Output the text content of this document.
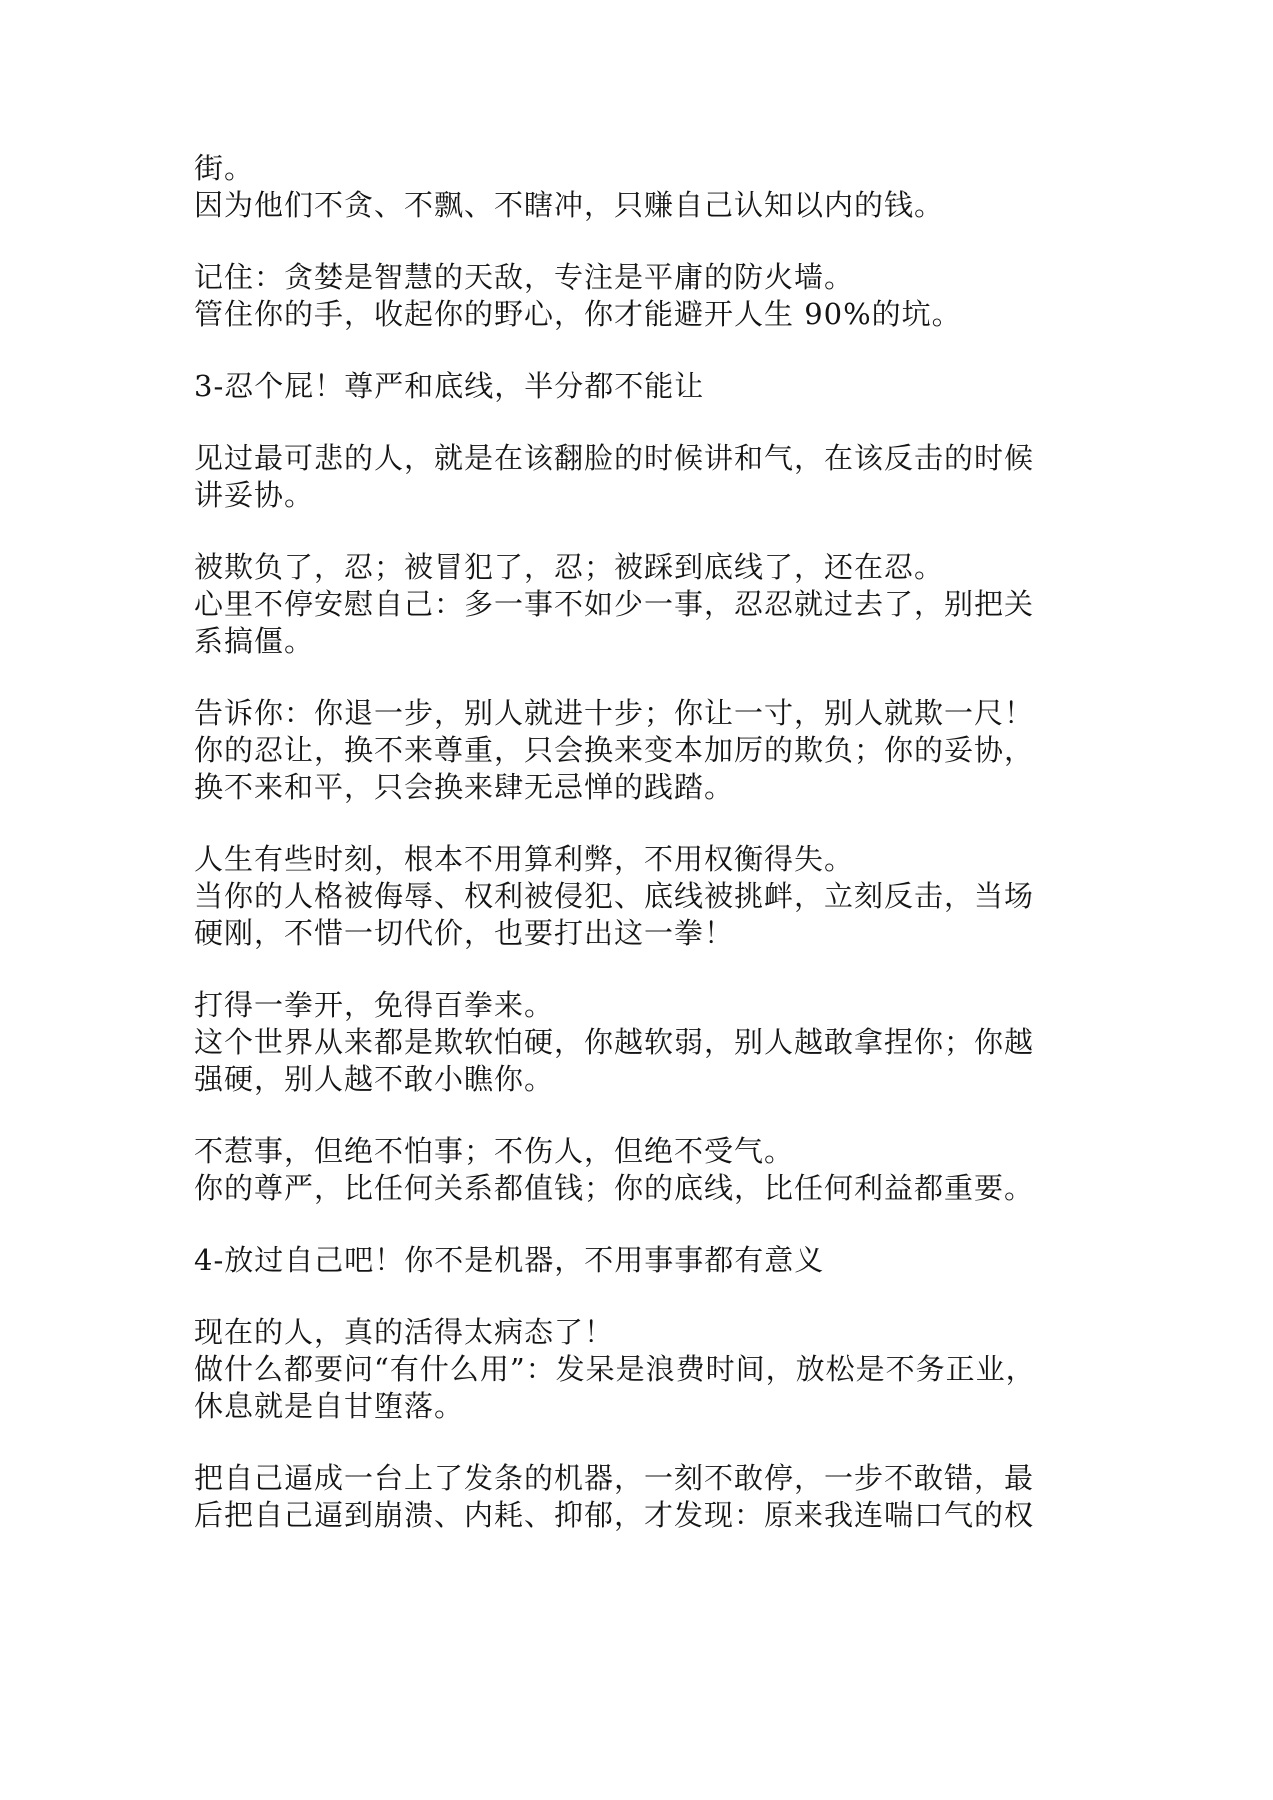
街。
因为他们不贪、不飘、不瞎冲，只赚自己认知以内的钱。
记住：贪婪是智慧的天敌，专注是平庸的防火墙。
管住你的手，收起你的野心，你才能避开人生 90%的坑。
3-忍个屁！尊严和底线，半分都不能让
见过最可悲的人，就是在该翻脸的时候讲和气，在该反击的时候
讲妥协。
被欺负了，忍；被冒犯了，忍；被踩到底线了，还在忍。
心里不停安慰自己：多一事不如少一事，忍忍就过去了，别把关
系搞僵。
告诉你：你退一步，别人就进十步；你让一寸，别人就欺一尺！
你的忍让，换不来尊重，只会换来变本加厉的欺负；你的妥协，
换不来和平，只会换来肆无忌惮的践踏。
人生有些时刻，根本不用算利弊，不用权衡得失。
当你的人格被侮辱、权利被侵犯、底线被挑衅，立刻反击，当场
硬刚，不惜一切代价，也要打出这一拳！
打得一拳开，免得百拳来。
这个世界从来都是欺软怕硬，你越软弱，别人越敢拿捏你；你越
强硬，别人越不敢小瞧你。
不惹事，但绝不怕事；不伤人，但绝不受气。
你的尊严，比任何关系都值钱；你的底线，比任何利益都重要。
4-放过自己吧！你不是机器，不用事事都有意义
现在的人，真的活得太病态了！
做什么都要问“有什么用”：发呆是浪费时间，放松是不务正业，
休息就是自甘堕落。
把自己逼成一台上了发条的机器，一刻不敢停，一步不敢错，最
后把自己逼到崩溃、内耗、抑郁，才发现：原来我连喘口气的权
